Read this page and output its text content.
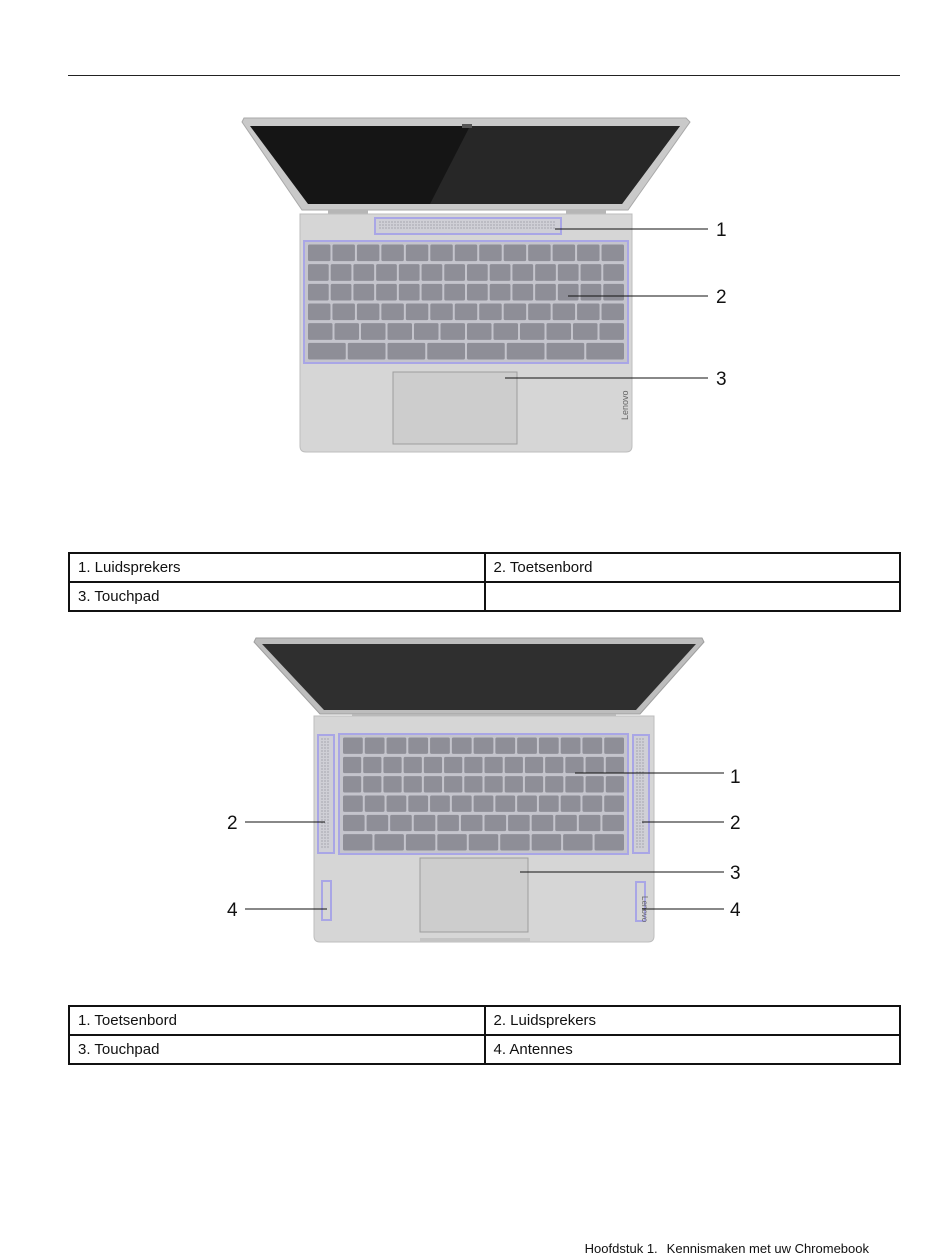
Lenovo
1
2
3
1. Luidsprekers	2. Toetsenbord
3. Touchpad	
Lenovo
1
2	2
3
4	4
1. Toetsenbord	2. Luidsprekers
3. Touchpad	4. Antennes
Hoofdstuk 1. Kennismaken met uw Chromebook
